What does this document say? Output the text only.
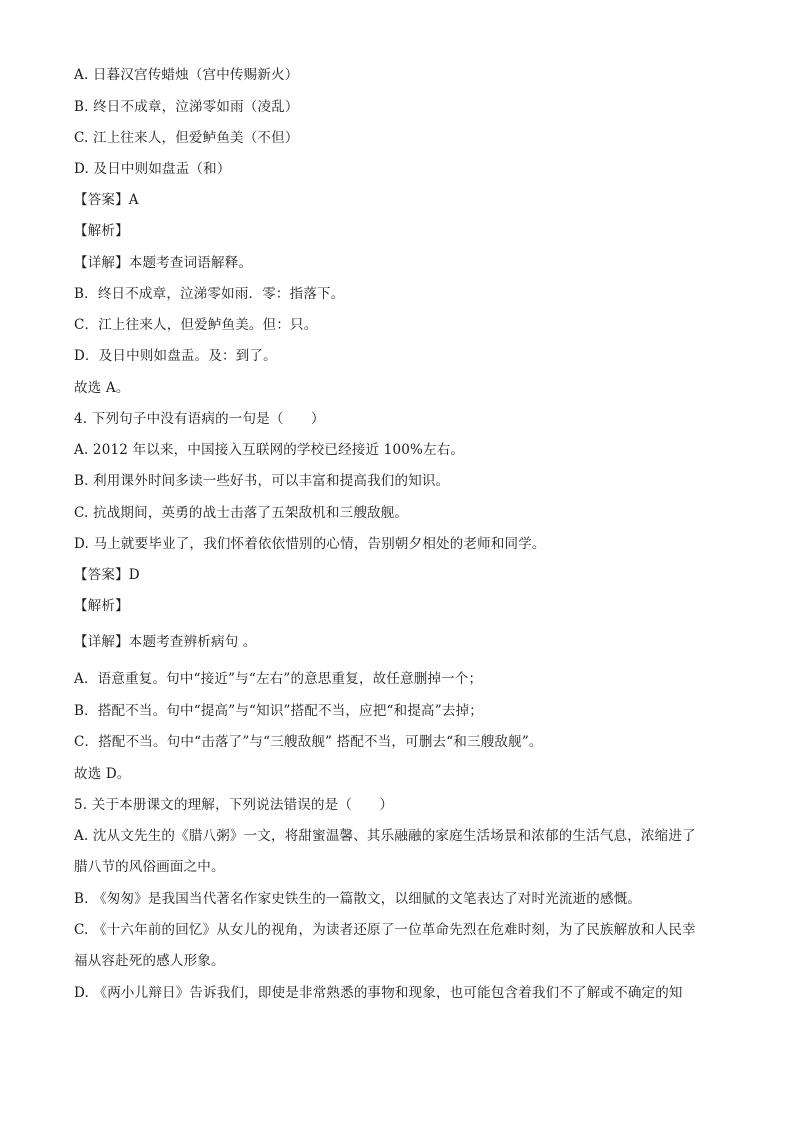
A. 日暮汉宫传蜡烛（宫中传赐新火）
B. 终日不成章，泣涕零如雨（凌乱）
C. 江上往来人，但爱鲈鱼美（不但）
D. 及日中则如盘盂（和）
【答案】A
【解析】
【详解】本题考查词语解释。
B．终日不成章，泣涕零如雨．零：指落下。
C．江上往来人，但爱鲈鱼美。但：只。
D．及日中则如盘盂。及：到了。
故选 A。
4. 下列句子中没有语病的一句是（　　）
A. 2012 年以来，中国接入互联网的学校已经接近 100%左右。
B. 利用课外时间多读一些好书，可以丰富和提高我们的知识。
C. 抗战期间，英勇的战士击落了五架敌机和三艘敌舰。
D. 马上就要毕业了，我们怀着依依惜别的心情，告别朝夕相处的老师和同学。
【答案】D
【解析】
【详解】本题考查辨析病句 。
A．语意重复。句中“接近”与“左右”的意思重复，故任意删掉一个；
B．搭配不当。句中“提高”与“知识”搭配不当，应把“和提高”去掉；
C．搭配不当。句中“击落了”与“三艘敌舰” 搭配不当，可删去“和三艘敌舰”。
故选 D。
5. 关于本册课文的理解，下列说法错误的是（　　）
A. 沈从文先生的《腊八粥》一文，将甜蜜温馨、其乐融融的家庭生活场景和浓郁的生活气息，浓缩进了
腊八节的风俗画面之中。
B. 《匆匆》是我国当代著名作家史铁生的一篇散文，以细腻的文笔表达了对时光流逝的感慨。
C. 《十六年前的回忆》从女儿的视角，为读者还原了一位革命先烈在危难时刻，为了民族解放和人民幸
福从容赴死的感人形象。
D. 《两小儿辩日》告诉我们，即使是非常熟悉的事物和现象，也可能包含着我们不了解或不确定的知
